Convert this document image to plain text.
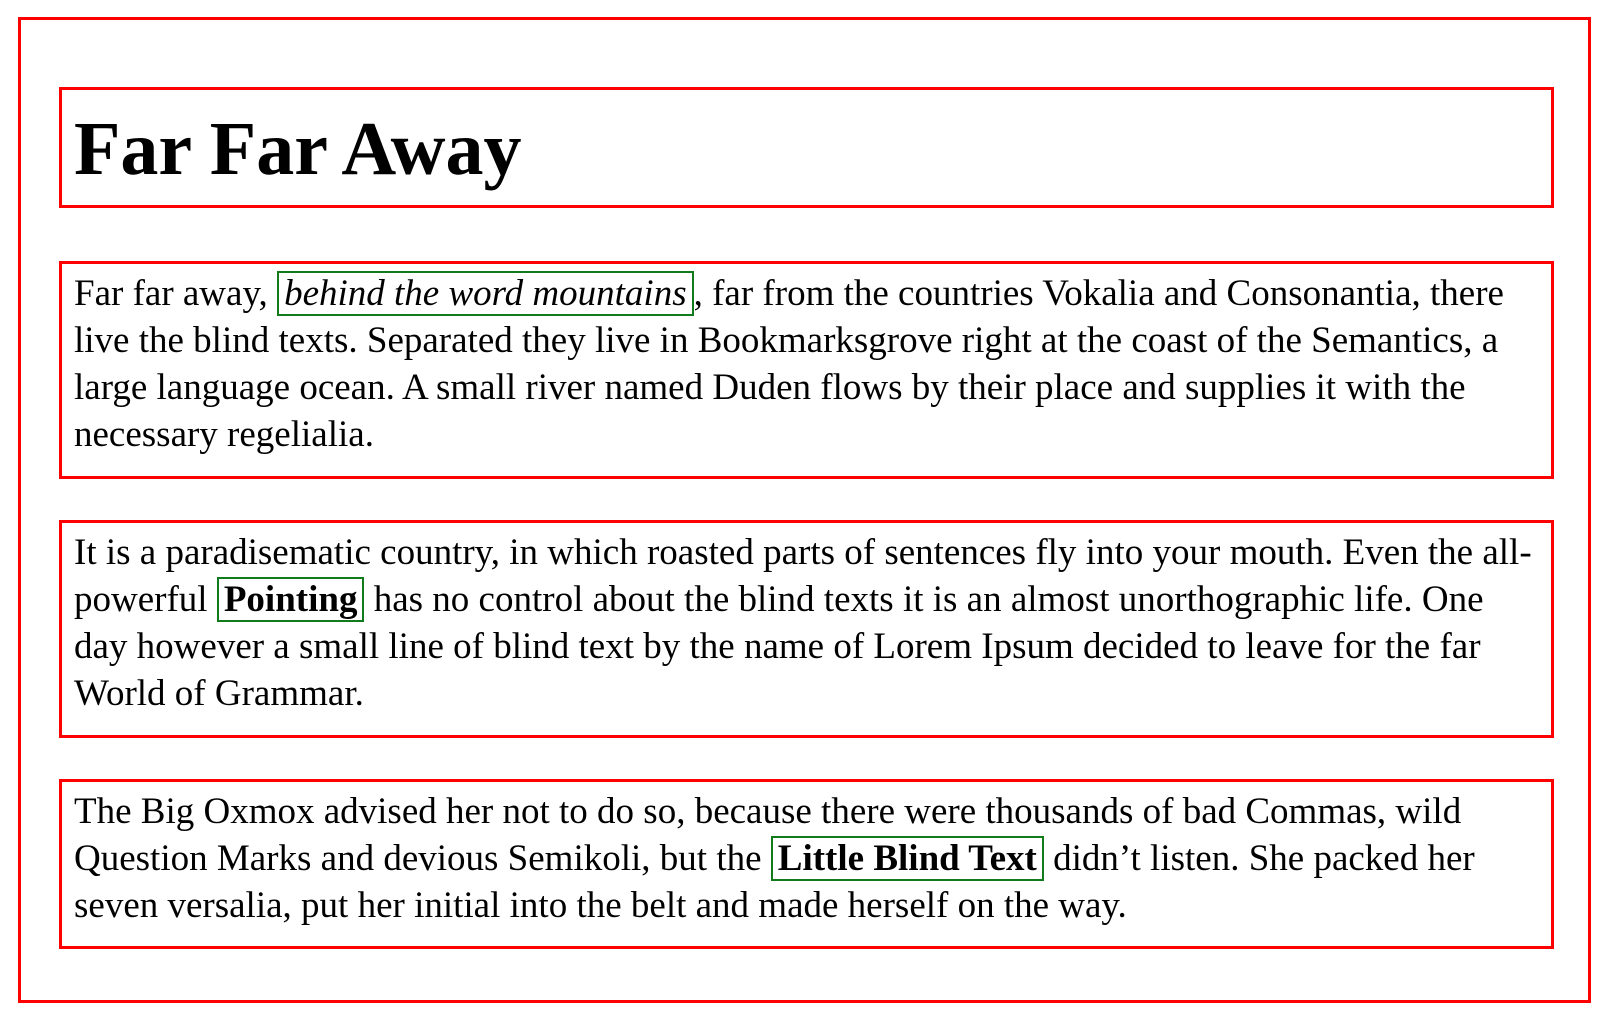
Far Far Away

Far far away, behind the word mountains , far from the countries Vokalia and Consonantia, there live the blind texts. Separated they live in Bookmarksgrove right at the coast of the Semantics, a large language ocean. A small river named Duden flows by their place and supplies it with the necessary regelialia.

It is a paradisematic country, in which roasted parts of sentences fly into your mouth. Even the all-powerful Pointing has no control about the blind texts it is an almost unorthographic life. One day however a small line of blind text by the name of Lorem Ipsum decided to leave for the far World of Grammar.

The Big Oxmox advised her not to do so, because there were thousands of bad Commas, wild Question Marks and devious Semikoli, but the Little Blind Text didn’t listen. She packed her seven versalia, put her initial into the belt and made herself on the way.
